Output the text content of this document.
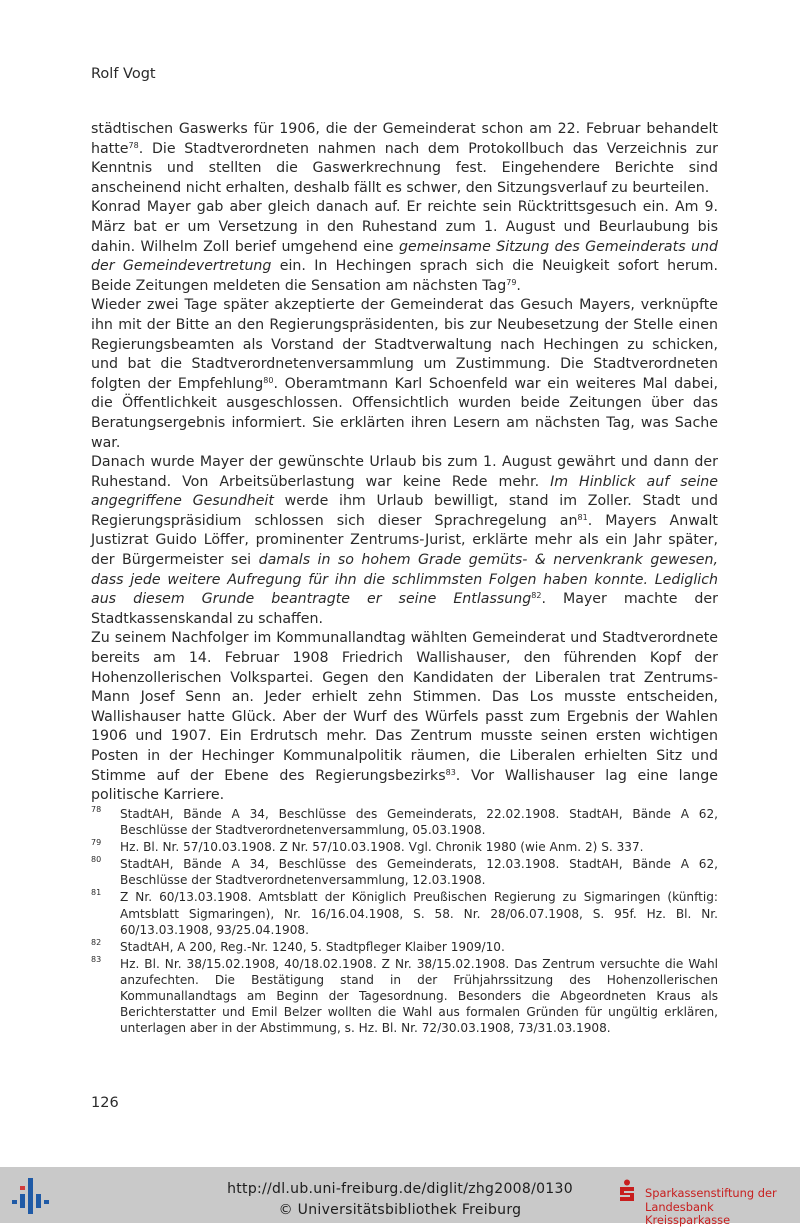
Rolf Vogt

städtischen Gaswerks für 1906, die der Gemeinderat schon am 22. Februar behandelt hatte$^{78}$. Die Stadtverordneten nahmen nach dem Protokollbuch das Verzeichnis zur Kenntnis und stellten die Gaswerkrechnung fest. Eingehendere Berichte sind anscheinend nicht erhalten, deshalb fällt es schwer, den Sitzungsverlauf zu beurteilen.

Konrad Mayer gab aber gleich danach auf. Er reichte sein Rücktrittsgesuch ein. Am 9. März bat er um Versetzung in den Ruhestand zum 1. August und Beurlaubung bis dahin. Wilhelm Zoll berief umgehend eine gemeinsame Sitzung des Gemeinderats und der Gemeindevertretung ein. In Hechingen sprach sich die Neuigkeit sofort herum. Beide Zeitungen meldeten die Sensation am nächsten Tag$^{79}$.

Wieder zwei Tage später akzeptierte der Gemeinderat das Gesuch Mayers, verknüpfte ihn mit der Bitte an den Regierungspräsidenten, bis zur Neubesetzung der Stelle einen Regierungsbeamten als Vorstand der Stadtverwaltung nach Hechingen zu schicken, und bat die Stadtverordnetenversammlung um Zustimmung. Die Stadtverordneten folgten der Empfehlung$^{80}$. Oberamtmann Karl Schoenfeld war ein weiteres Mal dabei, die Öffentlichkeit ausgeschlossen. Offensichtlich wurden beide Zeitungen über das Beratungsergebnis informiert. Sie erklärten ihren Lesern am nächsten Tag, was Sache war.

Danach wurde Mayer der gewünschte Urlaub bis zum 1. August gewährt und dann der Ruhestand. Von Arbeitsüberlastung war keine Rede mehr. Im Hinblick auf seine angegriffene Gesundheit werde ihm Urlaub bewilligt, stand im Zoller. Stadt und Regierungspräsidium schlossen sich dieser Sprachregelung $an^{81}$. Mayers Anwalt Justizrat Guido Löffer, prominenter Zentrums-Jurist, erklärte mehr als ein Jahr später, der Bürgermeister sei damals in so hohem Grade gemüts- & nervenkrank gewesen, dass jede weitere Aufregung für ihn die schlimmsten Folgen haben konnte. Lediglich aus diesem Grunde beantragte er seine Entlassung$^{82}$. Mayer machte der Stadtkassenskandal zu schaffen.

Zu seinem Nachfolger im Kommunallandtag wählten Gemeinderat und Stadtverordnete bereits am 14. Februar 1908 Friedrich Wallishauser, den führenden Kopf der Hohenzollerischen Volkspartei. Gegen den Kandidaten der Liberalen trat Zentrums-Mann Josef Senn an. Jeder erhielt zehn Stimmen. Das Los musste entscheiden, Wallishauser hatte Glück. Aber der Wurf des Würfels passt zum Ergebnis der Wahlen 1906 und 1907. Ein Erdrutsch mehr. Das Zentrum musste seinen ersten wichtigen Posten in der Hechinger Kommunalpolitik räumen, die Liberalen erhielten Sitz und Stimme auf der Ebene des Regierungsbezirks$^{83}$. Vor Wallishauser lag eine lange politische Karriere.

78 StadtAH, Bände A 34, Beschlüsse des Gemeinderats, 22.02.1908. StadtAH, Bände A 62, Beschlüsse der Stadtverordnetenversammlung, 05.03.1908.
79 Hz. Bl. Nr. 57/10.03.1908. Z Nr. 57/10.03.1908. Vgl. Chronik 1980 (wie Anm. 2) S. 337.
80 StadtAH, Bände A 34, Beschlüsse des Gemeinderats, 12.03.1908. StadtAH, Bände A 62, Beschlüsse der Stadtverordnetenversammlung, 12.03.1908.
81 Z Nr. 60/13.03.1908. Amtsblatt der Königlich Preußischen Regierung zu Sigmaringen (künftig: Amtsblatt Sigmaringen), Nr. 16/16.04.1908, S. 58. Nr. 28/06.07.1908, S. 95f. Hz. Bl. Nr. 60/13.03.1908, 93/25.04.1908.
82 StadtAH, A 200, Reg.-Nr. 1240, 5. Stadtpfleger Klaiber 1909/10.
83 Hz. Bl. Nr. 38/15.02.1908, 40/18.02.1908. Z Nr. 38/15.02.1908. Das Zentrum versuchte die Wahl anzufechten. Die Bestätigung stand in der Frühjahrssitzung des Hohenzollerischen Kommunallandtags am Beginn der Tagesordnung. Besonders die Abgeordneten Kraus als Berichterstatter und Emil Belzer wollten die Wahl aus formalen Gründen für ungültig erklären, unterlagen aber in der Abstimmung, s. Hz. Bl. Nr. 72/30.03.1908, 73/31.03.1908.
126
http://dl.ub.uni-freiburg.de/diglit/zhg2008/0130
© Universitätsbibliothek Freiburg
Sparkassenstiftung der
Landesbank Kreissparkasse
